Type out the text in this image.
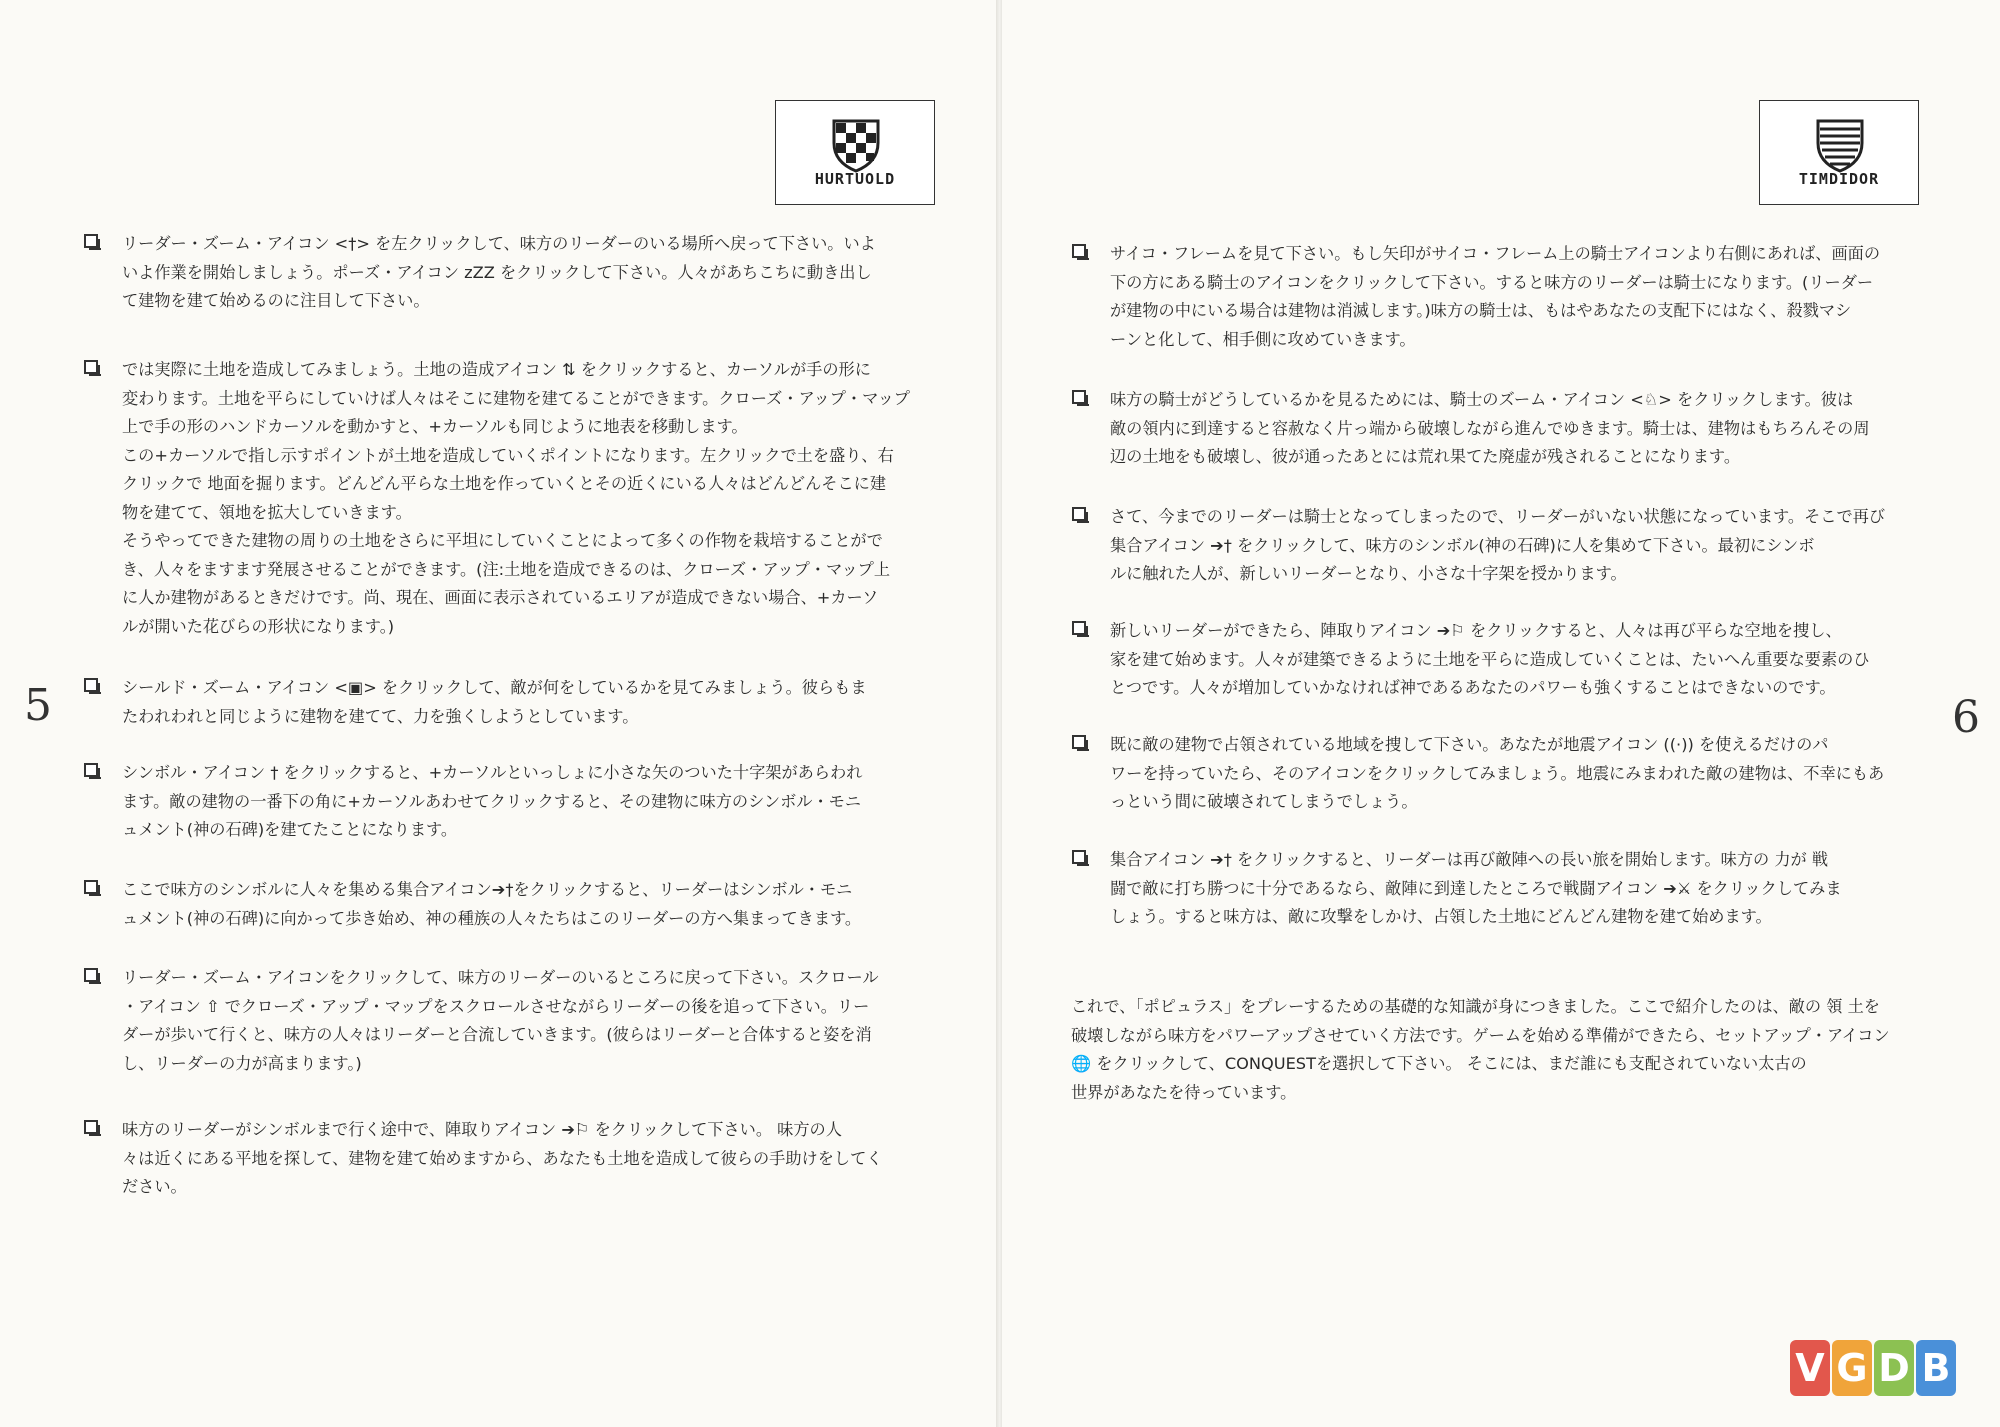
HURTUOLD
5
リーダー・ズーム・アイコン <†> を左クリックして、味方のリーダーのいる場所へ戻って下さい。いよ
いよ作業を開始しましょう。ポーズ・アイコン zZZ をクリックして下さい。人々があちこちに動き出し
て建物を建て始めるのに注目して下さい。
では実際に土地を造成してみましょう。土地の造成アイコン ⇅ をクリックすると、カーソルが手の形に
変わります。土地を平らにしていけば人々はそこに建物を建てることができます。クローズ・アップ・マップ
上で手の形のハンドカーソルを動かすと、+カーソルも同じように地表を移動します。
この+カーソルで指し示すポイントが土地を造成していくポイントになります。左クリックで土を盛り、右
クリックで 地面を掘ります。どんどん平らな土地を作っていくとその近くにいる人々はどんどんそこに建
物を建てて、領地を拡大していきます。
そうやってできた建物の周りの土地をさらに平坦にしていくことによって多くの作物を栽培することがで
き、人々をますます発展させることができます。(注:土地を造成できるのは、クローズ・アップ・マップ上
に人か建物があるときだけです。尚、現在、画面に表示されているエリアが造成できない場合、+カーソ
ルが開いた花びらの形状になります。)
シールド・ズーム・アイコン <▣> をクリックして、敵が何をしているかを見てみましょう。彼らもま
たわれわれと同じように建物を建てて、力を強くしようとしています。
シンボル・アイコン † をクリックすると、+カーソルといっしょに小さな矢のついた十字架があらわれ
ます。敵の建物の一番下の角に+カーソルあわせてクリックすると、その建物に味方のシンボル・モニ
ュメント(神の石碑)を建てたことになります。
ここで味方のシンボルに人々を集める集合アイコン➔†をクリックすると、リーダーはシンボル・モニ
ュメント(神の石碑)に向かって歩き始め、神の種族の人々たちはこのリーダーの方へ集まってきます。
リーダー・ズーム・アイコンをクリックして、味方のリーダーのいるところに戻って下さい。スクロール
・アイコン ⇧ でクローズ・アップ・マップをスクロールさせながらリーダーの後を追って下さい。リー
ダーが歩いて行くと、味方の人々はリーダーと合流していきます。(彼らはリーダーと合体すると姿を消
し、リーダーの力が高まります。)
味方のリーダーがシンボルまで行く途中で、陣取りアイコン ➔⚐ をクリックして下さい。 味方の人
々は近くにある平地を探して、建物を建て始めますから、あなたも土地を造成して彼らの手助けをしてく
ださい。
TIMDIDOR
6
サイコ・フレームを見て下さい。もし矢印がサイコ・フレーム上の騎士アイコンより右側にあれば、画面の
下の方にある騎士のアイコンをクリックして下さい。すると味方のリーダーは騎士になります。(リーダー
が建物の中にいる場合は建物は消滅します。)味方の騎士は、もはやあなたの支配下にはなく、殺戮マシ
ーンと化して、相手側に攻めていきます。
味方の騎士がどうしているかを見るためには、騎士のズーム・アイコン <♘> をクリックします。彼は
敵の領内に到達すると容赦なく片っ端から破壊しながら進んでゆきます。騎士は、建物はもちろんその周
辺の土地をも破壊し、彼が通ったあとには荒れ果てた廃虚が残されることになります。
さて、今までのリーダーは騎士となってしまったので、リーダーがいない状態になっています。そこで再び
集合アイコン ➔† をクリックして、味方のシンボル(神の石碑)に人を集めて下さい。最初にシンボ
ルに触れた人が、新しいリーダーとなり、小さな十字架を授かります。
新しいリーダーができたら、陣取りアイコン ➔⚐ をクリックすると、人々は再び平らな空地を捜し、
家を建て始めます。人々が建築できるように土地を平らに造成していくことは、たいへん重要な要素のひ
とつです。人々が増加していかなければ神であるあなたのパワーも強くすることはできないのです。
既に敵の建物で占領されている地域を捜して下さい。あなたが地震アイコン ((·)) を使えるだけのパ
ワーを持っていたら、そのアイコンをクリックしてみましょう。地震にみまわれた敵の建物は、不幸にもあ
っという間に破壊されてしまうでしょう。
集合アイコン ➔† をクリックすると、リーダーは再び敵陣への長い旅を開始します。味方の 力が 戦
闘で敵に打ち勝つに十分であるなら、敵陣に到達したところで戦闘アイコン ➔⚔ をクリックしてみま
しょう。すると味方は、敵に攻撃をしかけ、占領した土地にどんどん建物を建て始めます。
これで、「ポピュラス」をプレーするための基礎的な知識が身につきました。ここで紹介したのは、敵の 領 土を
破壊しながら味方をパワーアップさせていく方法です。ゲームを始める準備ができたら、セットアップ・アイコン
🌐 をクリックして、CONQUESTを選択して下さい。 そこには、まだ誰にも支配されていない太古の
世界があなたを待っています。
V G D B
